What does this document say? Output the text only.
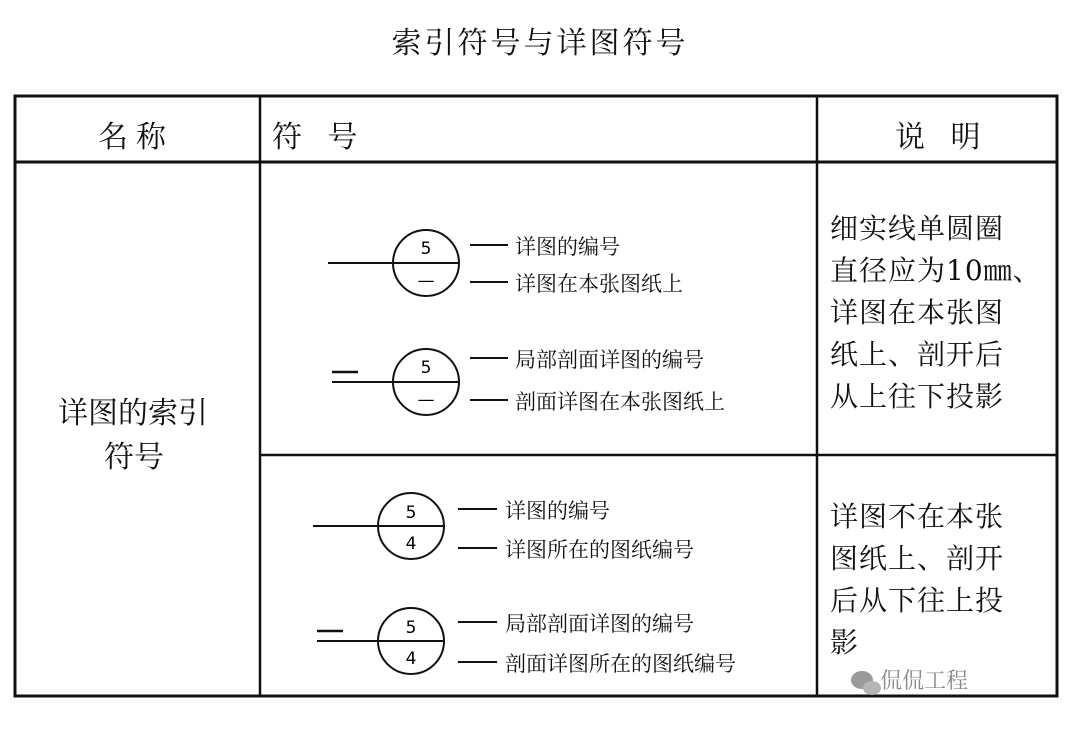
索引符号与详图符号
5
—
5
—
5
4
5
4
名称	符 号	说 明
详图的索引
符号
详图的编号
详图在本张图纸上
局部剖面详图的编号
剖面详图在本张图纸上
详图的编号
详图所在的图纸编号
局部剖面详图的编号
剖面详图所在的图纸编号
细实线单圆圈
直径应为10㎜、
详图在本张图
纸上、剖开后
从上往下投影
详图不在本张
图纸上、剖开
后从下往上投
影
侃侃工程
